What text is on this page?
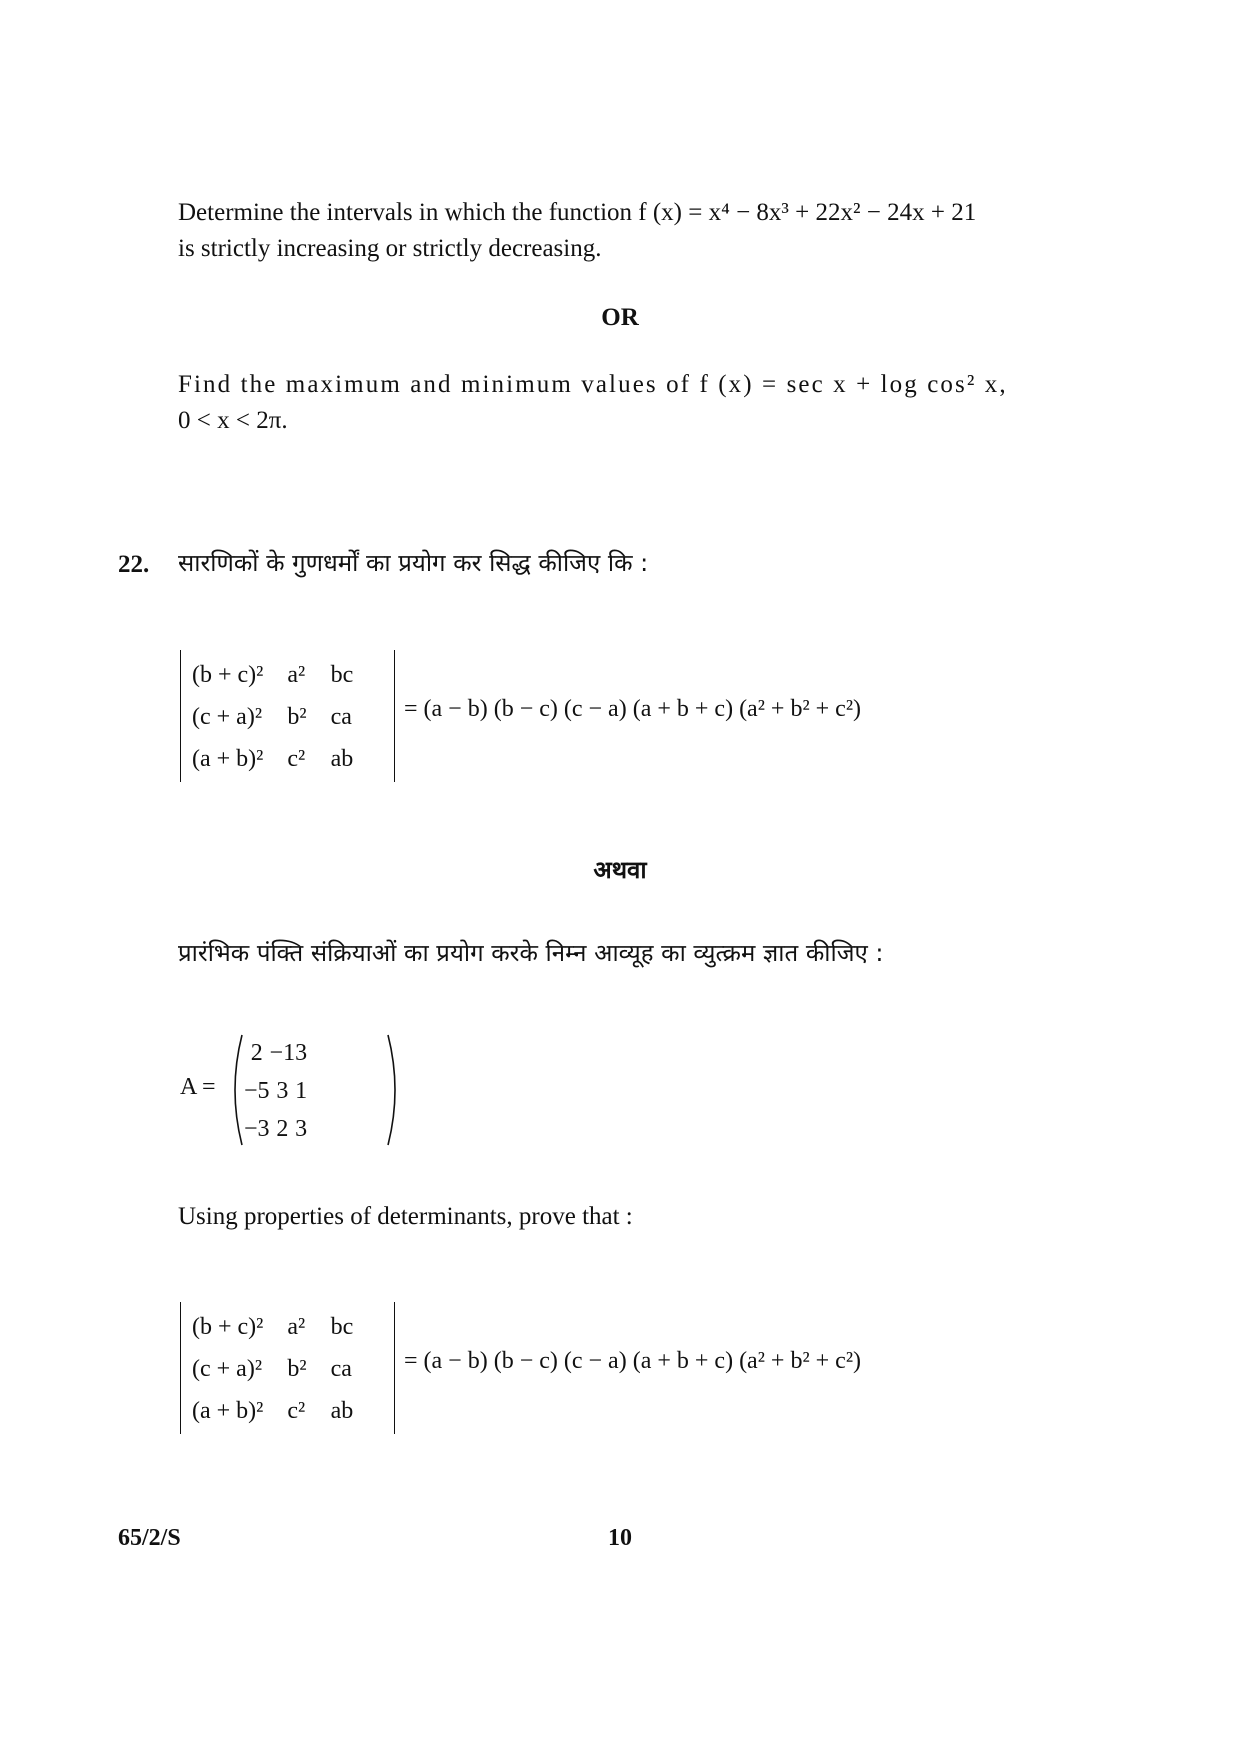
Determine the intervals in which the function f (x) = x⁴ − 8x³ + 22x² − 24x + 21
is strictly increasing or strictly decreasing.
OR
Find the maximum and minimum values of f (x) = sec x + log cos² x,
0 < x < 2π.
22. सारणिकों के गुणधर्मों का प्रयोग कर सिद्ध कीजिए कि :
(b + c)²	a²	bc
(c + a)²	b²	ca
(a + b)²	c²	ab
= (a − b) (b − c) (c − a) (a + b + c) (a² + b² + c²)
अथवा
प्रारंभिक पंक्ति संक्रियाओं का प्रयोग करके निम्न आव्यूह का व्युत्क्रम ज्ञात कीजिए :
A =
2	−1	3
−5	3	1
−3	2	3
Using properties of determinants, prove that :
(b + c)²	a²	bc
(c + a)²	b²	ca
(a + b)²	c²	ab
= (a − b) (b − c) (c − a) (a + b + c) (a² + b² + c²)
65/2/S	10
